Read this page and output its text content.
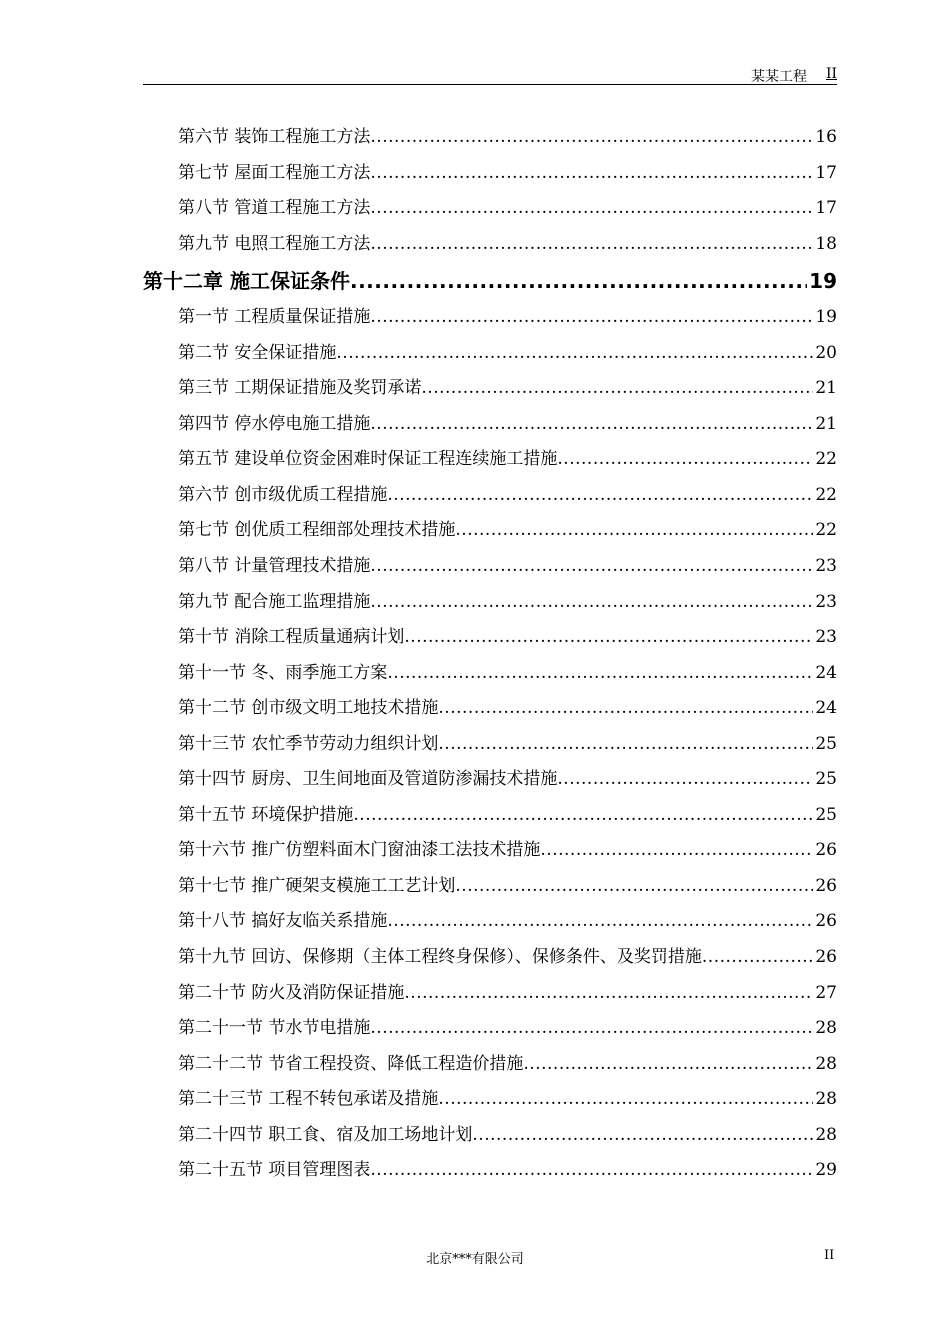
某某工程 II
第六节 装饰工程施工方法 .....	16
第七节 屋面工程施工方法 .....	17
第八节 管道工程施工方法 .....	17
第九节 电照工程施工方法 .....	18
第十二章 施工保证条件 .....	19
第一节 工程质量保证措施 .....	19
第二节 安全保证措施 .....	20
第三节 工期保证措施及奖罚承诺 .....	21
第四节 停水停电施工措施 .....	21
第五节 建设单位资金困难时保证工程连续施工措施 .....	22
第六节 创市级优质工程措施 .....	22
第七节 创优质工程细部处理技术措施 .....	22
第八节 计量管理技术措施 .....	23
第九节 配合施工监理措施 .....	23
第十节 消除工程质量通病计划 .....	23
第十一节 冬、雨季施工方案 .....	24
第十二节 创市级文明工地技术措施 .....	24
第十三节 农忙季节劳动力组织计划 .....	25
第十四节 厨房、卫生间地面及管道防渗漏技术措施 .....	25
第十五节 环境保护措施 .....	25
第十六节 推广仿塑料面木门窗油漆工法技术措施 .....	26
第十七节 推广硬架支模施工工艺计划 .....	26
第十八节 搞好友临关系措施 .....	26
第十九节 回访、保修期（主体工程终身保修）、保修条件、及奖罚措施 .....	26
第二十节 防火及消防保证措施 .....	27
第二十一节 节水节电措施 .....	28
第二十二节 节省工程投资、降低工程造价措施 .....	28
第二十三节 工程不转包承诺及措施 .....	28
第二十四节 职工食、宿及加工场地计划 .....	28
第二十五节 项目管理图表 .....	29
北京***有限公司	II
